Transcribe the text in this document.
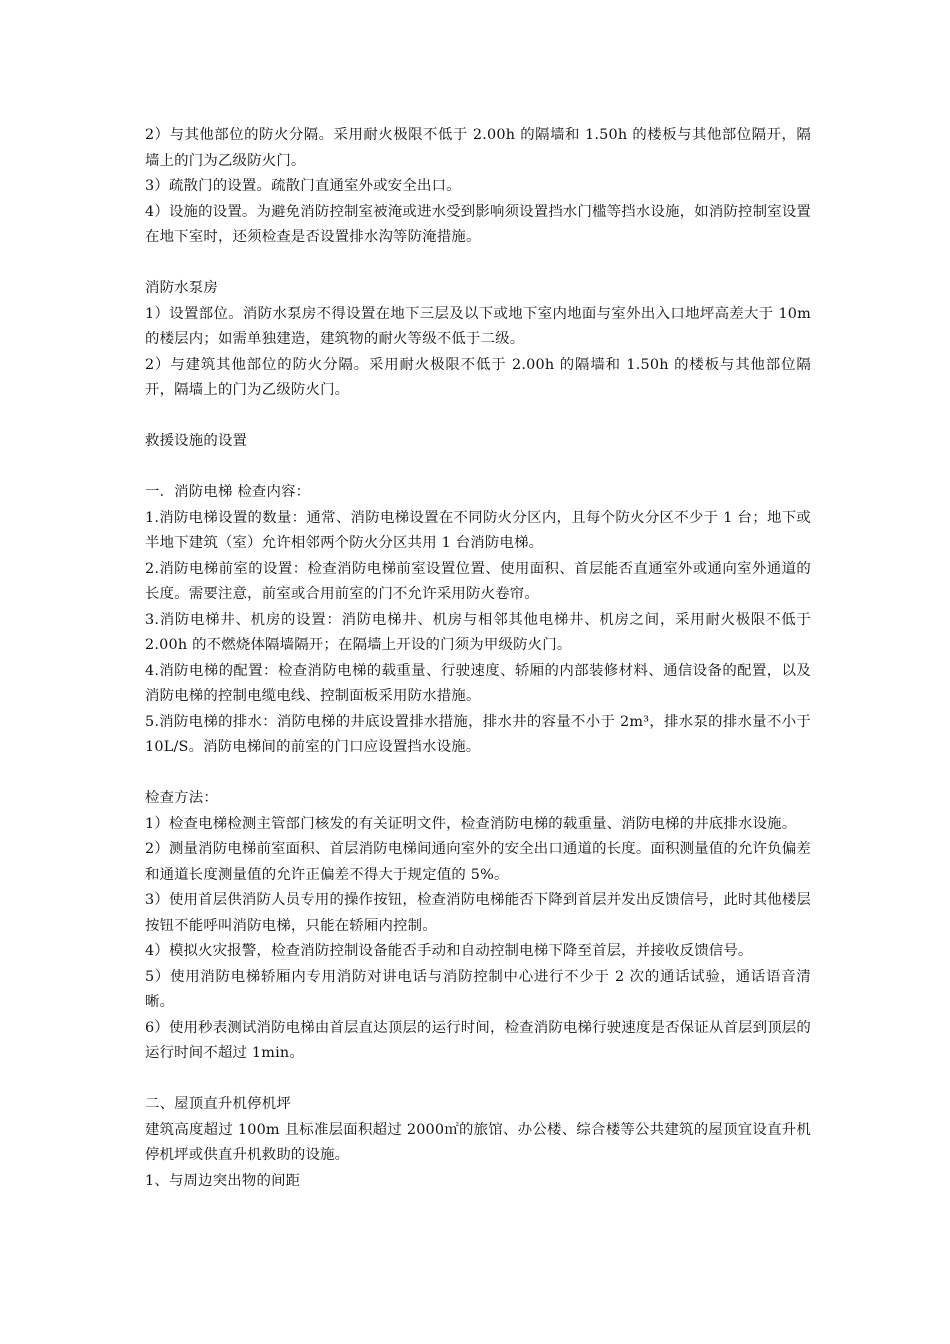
2）与其他部位的防火分隔。采用耐火极限不低于 2.00h 的隔墙和 1.50h 的楼板与其他部位隔开，隔墙上的门为乙级防火门。

3）疏散门的设置。疏散门直通室外或安全出口。

4）设施的设置。为避免消防控制室被淹或进水受到影响须设置挡水门槛等挡水设施，如消防控制室设置在地下室时，还须检查是否设置排水沟等防淹措施。

消防水泵房

1）设置部位。消防水泵房不得设置在地下三层及以下或地下室内地面与室外出入口地坪高差大于 10m 的楼层内；如需单独建造，建筑物的耐火等级不低于二级。

2）与建筑其他部位的防火分隔。采用耐火极限不低于 2.00h 的隔墙和 1.50h 的楼板与其他部位隔开，隔墙上的门为乙级防火门。

救援设施的设置

一．消防电梯 检查内容：

1.消防电梯设置的数量：通常、消防电梯设置在不同防火分区内，且每个防火分区不少于 1 台；地下或半地下建筑（室）允许相邻两个防火分区共用 1 台消防电梯。

2.消防电梯前室的设置：检查消防电梯前室设置位置、使用面积、首层能否直通室外或通向室外通道的长度。需要注意，前室或合用前室的门不允许采用防火卷帘。

3.消防电梯井、机房的设置：消防电梯井、机房与相邻其他电梯井、机房之间，采用耐火极限不低于 2.00h 的不燃烧体隔墙隔开；在隔墙上开设的门须为甲级防火门。

4.消防电梯的配置：检查消防电梯的载重量、行驶速度、轿厢的内部装修材料、通信设备的配置，以及消防电梯的控制电缆电线、控制面板采用防水措施。

5.消防电梯的排水：消防电梯的井底设置排水措施，排水井的容量不小于 2m³，排水泵的排水量不小于 10L/S。消防电梯间的前室的门口应设置挡水设施。

检查方法：

1）检查电梯检测主管部门核发的有关证明文件，检查消防电梯的载重量、消防电梯的井底排水设施。

2）测量消防电梯前室面积、首层消防电梯间通向室外的安全出口通道的长度。面积测量值的允许负偏差和通道长度测量值的允许正偏差不得大于规定值的 5%。

3）使用首层供消防人员专用的操作按钮，检查消防电梯能否下降到首层并发出反馈信号，此时其他楼层按钮不能呼叫消防电梯，只能在轿厢内控制。

4）模拟火灾报警，检查消防控制设备能否手动和自动控制电梯下降至首层，并接收反馈信号。

5）使用消防电梯轿厢内专用消防对讲电话与消防控制中心进行不少于 2 次的通话试验，通话语音清晰。

6）使用秒表测试消防电梯由首层直达顶层的运行时间，检查消防电梯行驶速度是否保证从首层到顶层的运行时间不超过 1min。

二、屋顶直升机停机坪

建筑高度超过 100m 且标准层面积超过 2000㎡的旅馆、办公楼、综合楼等公共建筑的屋顶宜设直升机停机坪或供直升机救助的设施。

1、与周边突出物的间距
